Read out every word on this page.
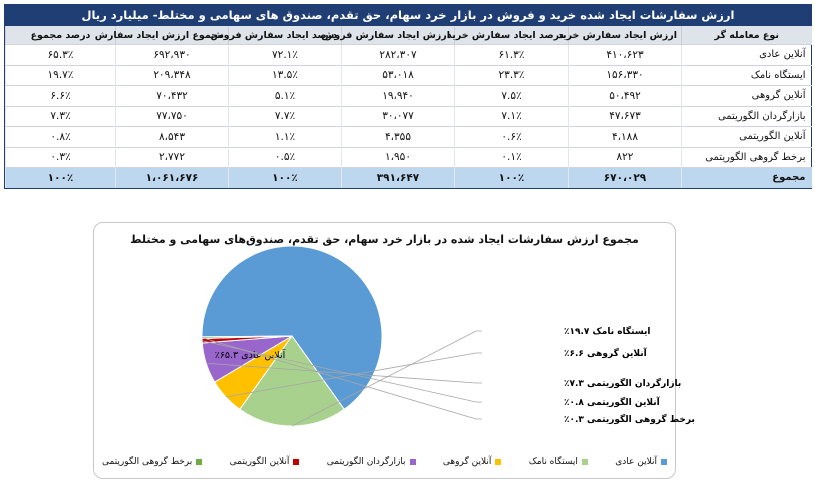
ارزش سفارشات ایجاد شده خرید و فروش در بازار خرد سهام، حق تقدم، صندوق های سهامی و مختلط- میلیارد ریال
نوع معامله گر	ارزش ایجاد سفارش خرید	درصد ایجاد سفارش خرید	ارزش ایجاد سفارش فروش	درصد ایجاد سفارش فروش	مجموع ارزش ایجاد سفارش	درصد مجموع
آنلاین عادی	۴۱۰،۶۲۳	۶۱.۳٪	۲۸۲،۳۰۷	۷۲.۱٪	۶۹۲،۹۳۰	۶۵.۳٪
ایستگاه نامک	۱۵۶،۳۳۰	۲۳.۳٪	۵۳،۰۱۸	۱۳.۵٪	۲۰۹،۳۴۸	۱۹.۷٪
آنلاین گروهی	۵۰،۴۹۲	۷.۵٪	۱۹،۹۴۰	۵.۱٪	۷۰،۴۳۲	۶.۶٪
بازارگردان الگوریتمی	۴۷،۶۷۳	۷.۱٪	۳۰،۰۷۷	۷.۷٪	۷۷،۷۵۰	۷.۳٪
آنلاین الگوریتمی	۴،۱۸۸	۰.۶٪	۴،۳۵۵	۱.۱٪	۸،۵۴۳	۰.۸٪
برخط گروهی الگوریتمی	۸۲۲	۰.۱٪	۱،۹۵۰	۰.۵٪	۲،۷۷۲	۰.۳٪
مجموع	۶۷۰،۰۲۹	۱۰۰٪	۳۹۱،۶۴۷	۱۰۰٪	۱،۰۶۱،۶۷۶	۱۰۰٪
مجموع ارزش سفارشات ایجاد شده در بازار خرد سهام، حق تقدم، صندوق‌های سهامی و مختلط
آنلاین عادی ۶۵.۳٪
ایستگاه نامک ۱۹.۷٪
آنلاین گروهی ۶.۶٪
بازارگردان الگوریتمی ۷.۳٪
آنلاین الگوریتمی ۰.۸٪
برخط گروهی الگوریتمی ۰.۳٪
آنلاین عادی
ایستگاه نامک
آنلاین گروهی
بازارگردان الگوریتمی
آنلاین الگوریتمی
برخط گروهی الگوریتمی
